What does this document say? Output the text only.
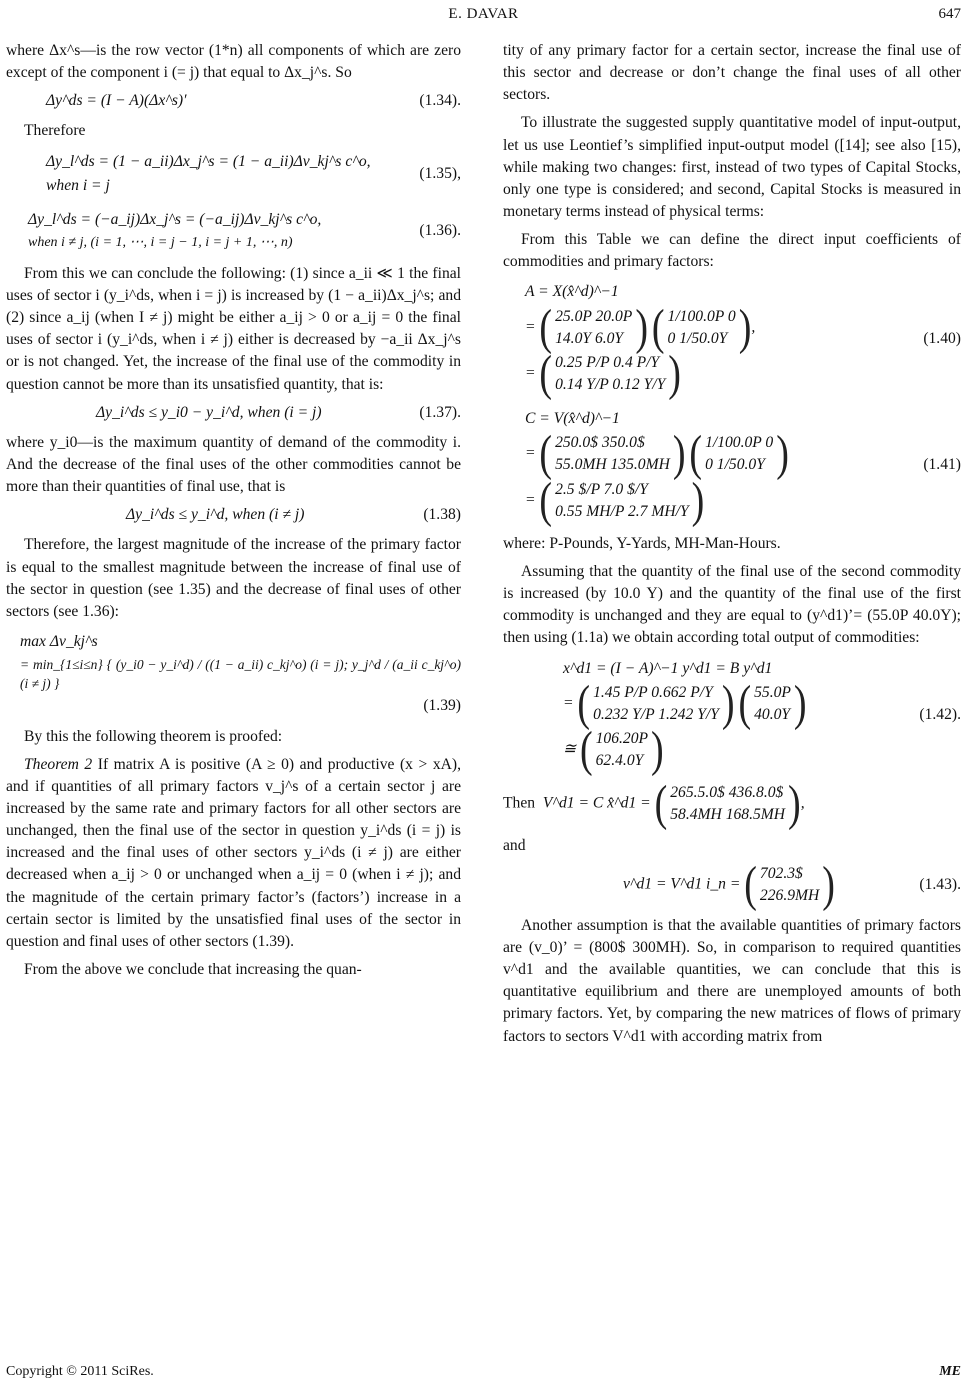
E. DAVAR	647

where Δx^s—is the row vector (1*n) all components of which are zero except of the component i (= j) that equal to Δx_j^s. So

Δy^ds = (I − A)(Δx^s)′	(1.34).

Therefore

Δy_l^ds = (1 − a_ii)Δx_j^s = (1 − a_ii)Δv_kj^s c^o,
when i = j
(1.35),
Δy_l^ds = (−a_ij)Δx_j^s = (−a_ij)Δv_kj^s c^o,
when i ≠ j, (i = 1, ⋯, i = j − 1, i = j + 1, ⋯, n)
(1.36).

From this we can conclude the following: (1) since a_ii ≪ 1 the final uses of sector i (y_i^ds, when i = j) is increased by (1 − a_ii)Δx_j^s; and (2) since a_ij (when I ≠ j) might be either a_ij > 0 or a_ij = 0 the final uses of sector i (y_i^ds, when i ≠ j) either is decreased by −a_ii Δx_j^s or is not changed. Yet, the increase of the final use of the commodity in question cannot be more than its unsatisfied quantity, that is:

Δy_i^ds ≤ y_i0 − y_i^d, when (i = j)	(1.37).

where y_i0—is the maximum quantity of demand of the commodity i. And the decrease of the final uses of the other commodities cannot be more than their quantities of final use, that is

Δy_i^ds ≤ y_i^d, when (i ≠ j)	(1.38)

Therefore, the largest magnitude of the increase of the primary factor is equal to the smallest magnitude between the increase of final use of the sector in question (see 1.35) and the decrease of final uses of other sectors (see 1.36):

max Δv_kj^s
= min_{1≤i≤n} { (y_i0 − y_i^d) / ((1 − a_ii) c_kj^o) (i = j); y_j^d / (a_ii c_kj^o) (i ≠ j) }
(1.39)

By this the following theorem is proofed:

Theorem 2 If matrix A is positive (A ≥ 0) and productive (x > xA), and if quantities of all primary factors v_j^s of a certain sector j are increased by the same rate and primary factors for all other sectors are unchanged, then the final use of the sector in question y_i^ds (i = j) is increased and the final uses of other sectors y_i^ds (i ≠ j) are either decreased when a_ij > 0 or unchanged when a_ij = 0 (when i ≠ j); and the magnitude of the certain primary factor’s (factors’) increase in a certain sector is limited by the unsatisfied final uses of the sector in question and final uses of other sectors (1.39).

From the above we conclude that increasing the quan-

tity of any primary factor for a certain sector, increase the final use of this sector and decrease or don’t change the final uses of all other sectors.

To illustrate the suggested supply quantitative model of input-output, let us use Leontief’s simplified input-output model ([14]; see also [15), while making two changes: first, instead of two types of Capital Stocks, only one type is considered; and second, Capital Stocks is measured in monetary terms instead of physical terms:

From this Table we can define the direct input coefficients of commodities and primary factors:

A = X(x̂^d)^−1
= ( 25.0P 20.0P
14.0Y 6.0Y )
( 1/100.0P 0
0 1/50.0Y ) ,
= ( 0.25 P/P 0.4 P/Y
0.14 Y/P 0.12 Y/Y )
(1.40)
C = V(x̂^d)^−1
= ( 250.0$ 350.0$
55.0MH 135.0MH )
( 1/100.0P 0
0 1/50.0Y )
= ( 2.5 $/P 7.0 $/Y
0.55 MH/P 2.7 MH/Y )
(1.41)

where: P-Pounds, Y-Yards, MH-Man-Hours.

Assuming that the quantity of the final use of the second commodity is increased (by 10.0 Y) and the quantity of the final use of the first commodity is unchanged and they are equal to (y^d1)’= (55.0P 40.0Y); then using (1.1a) we obtain according total output of commodities:

x^d1 = (I − A)^−1 y^d1 = B y^d1
= ( 1.45 P/P 0.662 P/Y
0.232 Y/P 1.242 Y/Y )
( 55.0P
40.0Y )
≅ ( 106.20P
62.4.0Y )
(1.42).
Then V^d1 = C x̂^d1 = ( 265.5.0$ 436.8.0$
58.4MH 168.5MH ) ,

and

v^d1 = V^d1 i_n = ( 702.3$
226.9MH )	(1.43).

Another assumption is that the available quantities of primary factors are (v_0)’ = (800$ 300MH). So, in comparison to required quantities v^d1 and the available quantities, we can conclude that this is quantitative equilibrium and there are unemployed amounts of both primary factors. Yet, by comparing the new matrices of flows of primary factors to sectors V^d1 with according matrix from

Copyright © 2011 SciRes.	ME
